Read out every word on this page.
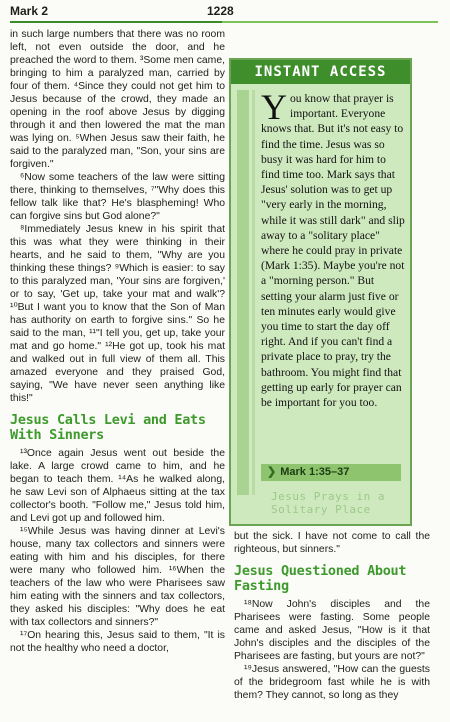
Mark 2	1228

in such large numbers that there was no room left, not even outside the door, and he preached the word to them. ³Some men came, bringing to him a paralyzed man, carried by four of them. ⁴Since they could not get him to Jesus because of the crowd, they made an opening in the roof above Jesus by digging through it and then lowered the mat the man was lying on. ⁵When Jesus saw their faith, he said to the paralyzed man, "Son, your sins are forgiven."

⁶Now some teachers of the law were sitting there, thinking to themselves, ⁷"Why does this fellow talk like that? He's blaspheming! Who can forgive sins but God alone?"

⁸Immediately Jesus knew in his spirit that this was what they were thinking in their hearts, and he said to them, "Why are you thinking these things? ⁹Which is easier: to say to this paralyzed man, 'Your sins are forgiven,' or to say, 'Get up, take your mat and walk'? ¹⁰But I want you to know that the Son of Man has authority on earth to forgive sins." So he said to the man, ¹¹"I tell you, get up, take your mat and go home." ¹²He got up, took his mat and walked out in full view of them all. This amazed everyone and they praised God, saying, "We have never seen anything like this!"

Jesus Calls Levi and Eats With Sinners

¹³Once again Jesus went out beside the lake. A large crowd came to him, and he began to teach them. ¹⁴As he walked along, he saw Levi son of Alphaeus sitting at the tax collector's booth. "Follow me," Jesus told him, and Levi got up and followed him.

¹⁵While Jesus was having dinner at Levi's house, many tax collectors and sinners were eating with him and his disciples, for there were many who followed him. ¹⁶When the teachers of the law who were Pharisees saw him eating with the sinners and tax collectors, they asked his disciples: "Why does he eat with tax collectors and sinners?"

¹⁷On hearing this, Jesus said to them, "It is not the healthy who need a doctor,

INSTANT ACCESS
Y ou know that prayer is important. Everyone knows that. But it's not easy to find the time. Jesus was so busy it was hard for him to find time too. Mark says that Jesus' solution was to get up "very early in the morning, while it was still dark" and slip away to a "solitary place" where he could pray in private (Mark 1:35). Maybe you're not a "morning person." But setting your alarm just five or ten minutes early would give you time to start the day off right. And if you can't find a private place to pray, try the bathroom. You might find that getting up early for prayer can be important for you too.

❯ Mark 1:35–37
Jesus Prays in a Solitary Place

but the sick. I have not come to call the righteous, but sinners."

Jesus Questioned About Fasting

¹⁸Now John's disciples and the Pharisees were fasting. Some people came and asked Jesus, "How is it that John's disciples and the disciples of the Pharisees are fasting, but yours are not?"

¹⁹Jesus answered, "How can the guests of the bridegroom fast while he is with them? They cannot, so long as they
